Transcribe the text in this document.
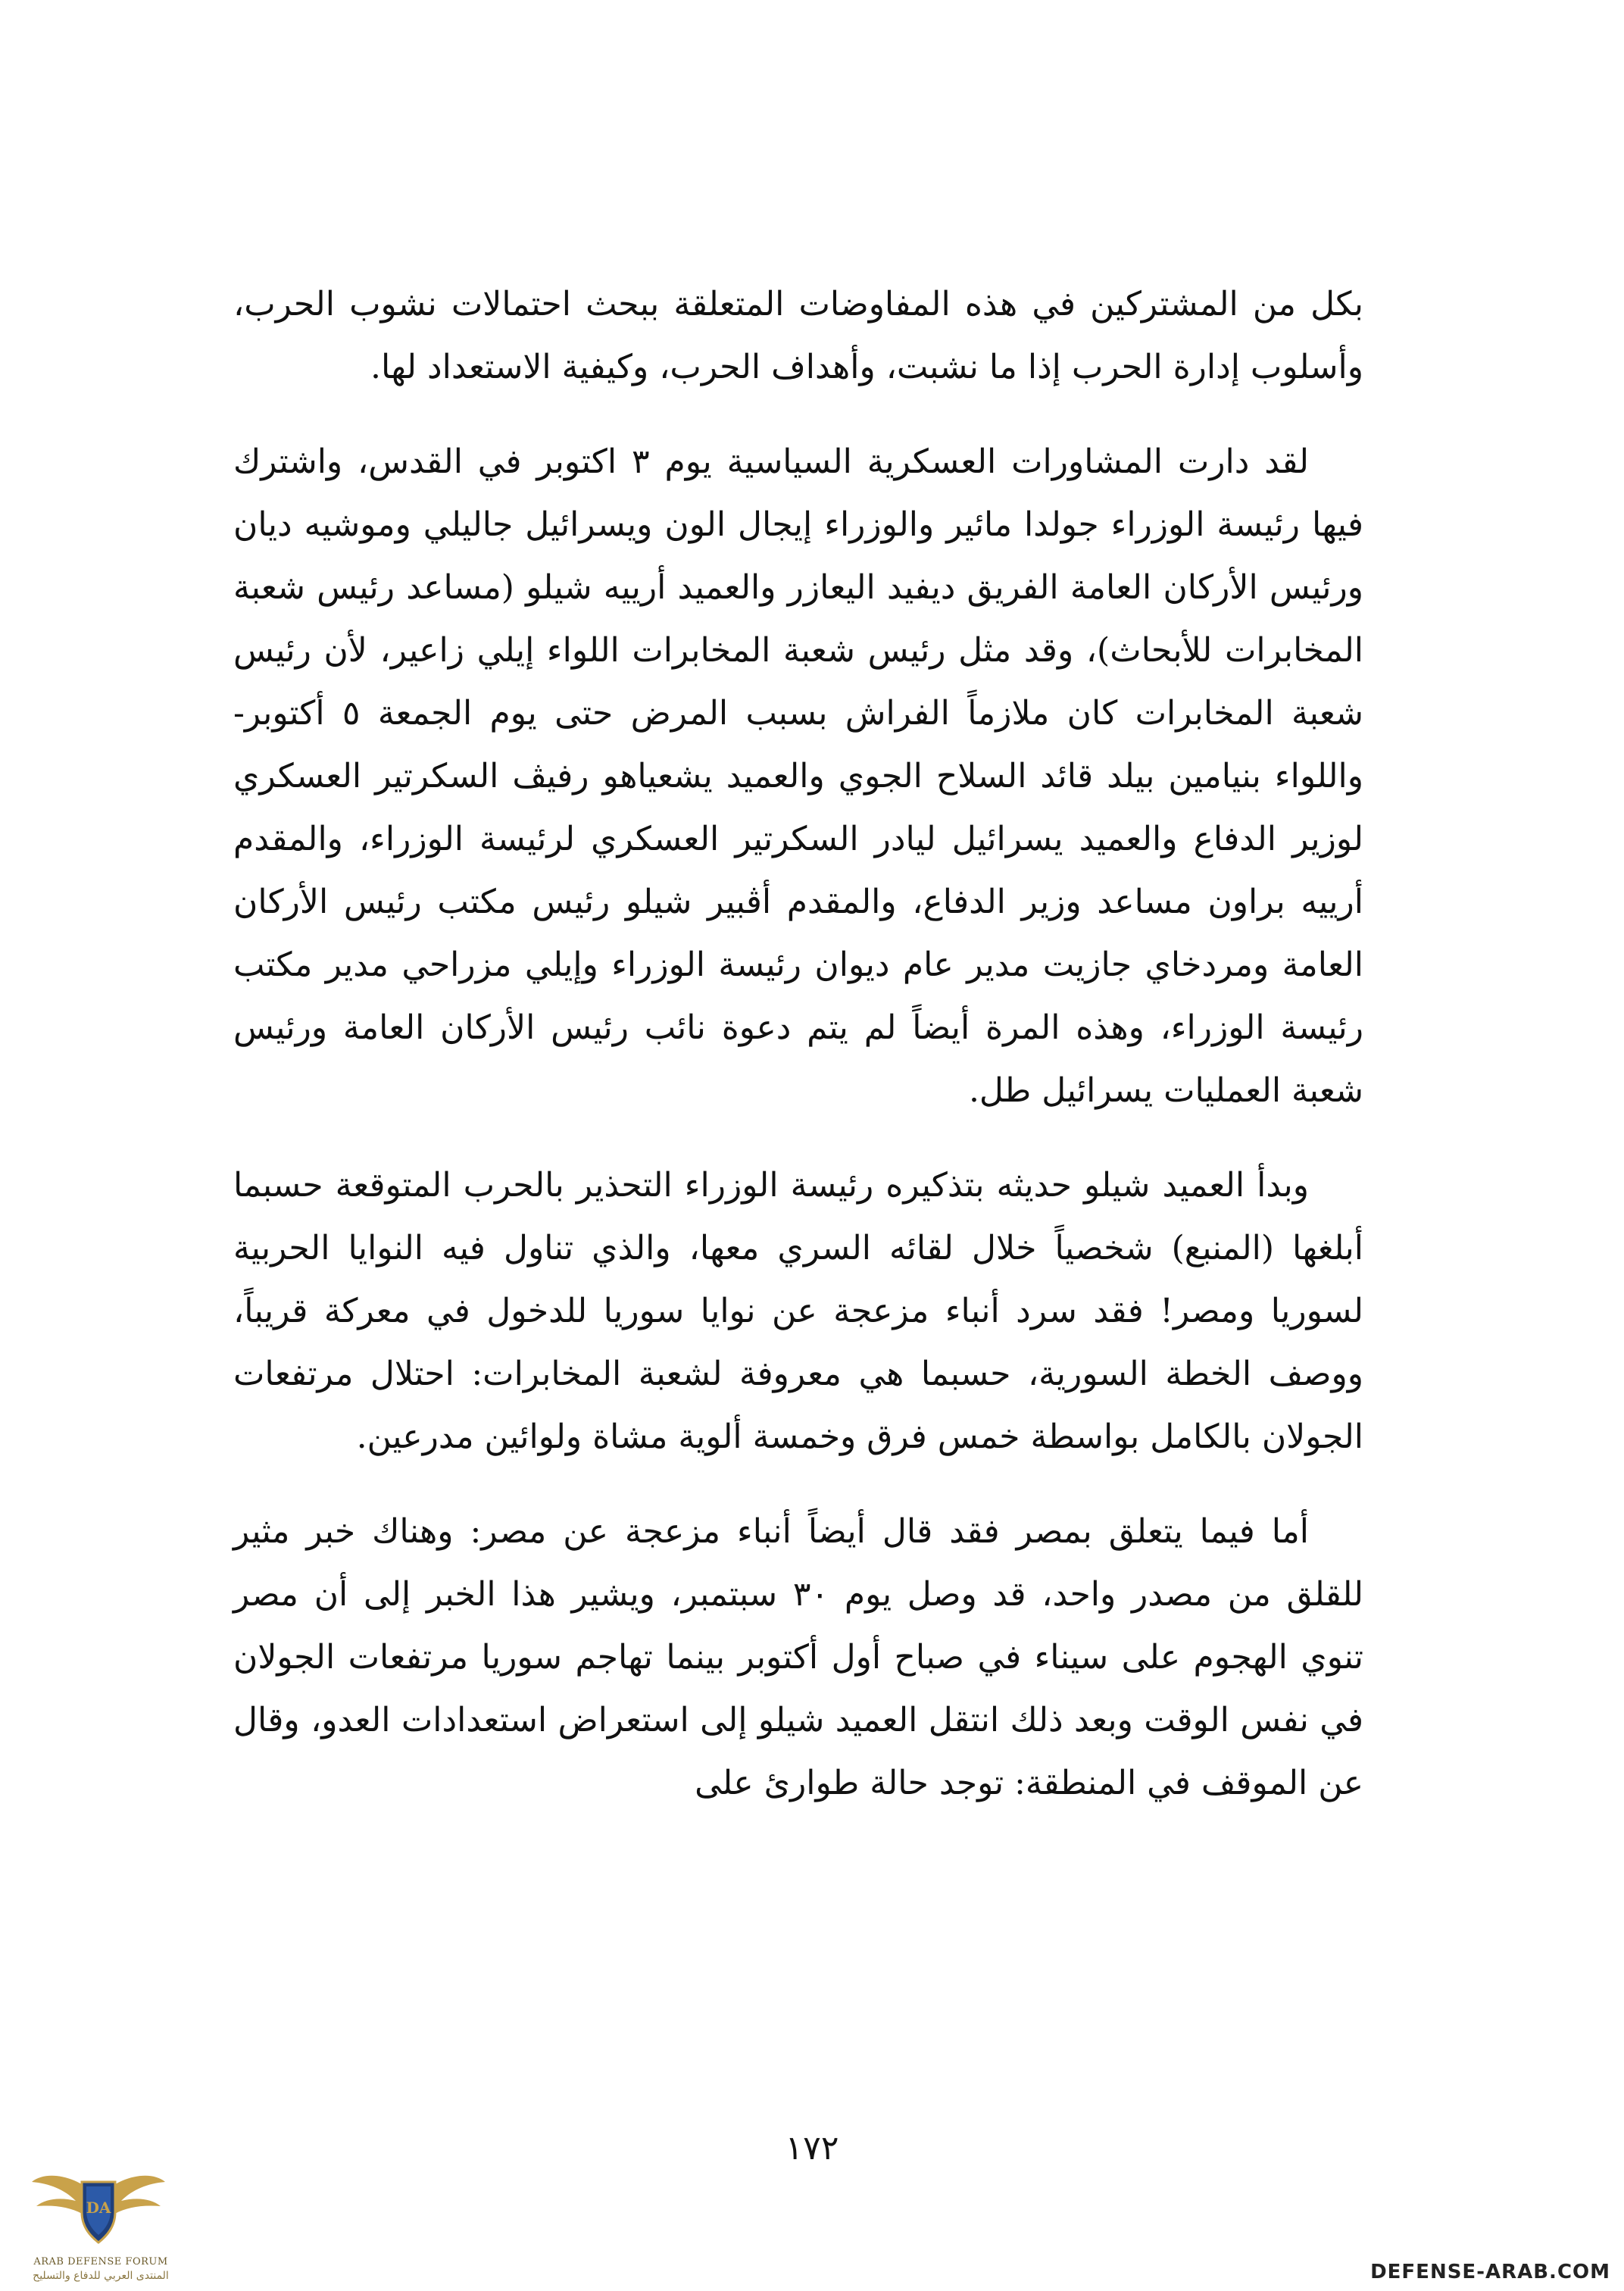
بكل من المشتركين في هذه المفاوضات المتعلقة ببحث احتمالات نشوب الحرب، وأسلوب إدارة الحرب إذا ما نشبت، وأهداف الحرب، وكيفية الاستعداد لها.

لقد دارت المشاورات العسكرية السياسية يوم ٣ اكتوبر في القدس، واشترك فيها رئيسة الوزراء جولدا مائير والوزراء إيجال الون ويسرائيل جاليلي وموشيه ديان ورئيس الأركان العامة الفريق ديفيد اليعازر والعميد أرييه شيلو (مساعد رئيس شعبة المخابرات للأبحاث)، وقد مثل رئيس شعبة المخابرات اللواء إيلي زاعير، لأن رئيس شعبة المخابرات كان ملازماً الفراش بسبب المرض حتى يوم الجمعة ٥ أكتوبر- واللواء بنيامين بيلد قائد السلاح الجوي والعميد يشعياهو رفيڤ السكرتير العسكري لوزير الدفاع والعميد يسرائيل ليادر السكرتير العسكري لرئيسة الوزراء، والمقدم أرييه براون مساعد وزير الدفاع، والمقدم أڤبير شيلو رئيس مكتب رئيس الأركان العامة ومردخاي جازيت مدير عام ديوان رئيسة الوزراء وإيلي مزراحي مدير مكتب رئيسة الوزراء، وهذه المرة أيضاً لم يتم دعوة نائب رئيس الأركان العامة ورئيس شعبة العمليات يسرائيل طل.

وبدأ العميد شيلو حديثه بتذكيره رئيسة الوزراء التحذير بالحرب المتوقعة حسبما أبلغها (المنبع) شخصياً خلال لقائه السري معها، والذي تناول فيه النوايا الحربية لسوريا ومصر! فقد سرد أنباء مزعجة عن نوايا سوريا للدخول في معركة قريباً، ووصف الخطة السورية، حسبما هي معروفة لشعبة المخابرات: احتلال مرتفعات الجولان بالكامل بواسطة خمس فرق وخمسة ألوية مشاة ولوائين مدرعين.

أما فيما يتعلق بمصر فقد قال أيضاً أنباء مزعجة عن مصر: وهناك خبر مثير للقلق من مصدر واحد، قد وصل يوم ٣٠ سبتمبر، ويشير هذا الخبر إلى أن مصر تنوي الهجوم على سيناء في صباح أول أكتوبر بينما تهاجم سوريا مرتفعات الجولان في نفس الوقت وبعد ذلك انتقل العميد شيلو إلى استعراض استعدادات العدو، وقال عن الموقف في المنطقة: توجد حالة طوارئ على

١٧٢
DA
ARAB DEFENSE FORUM
المنتدى العربي للدفاع والتسليح	DEFENSE-ARAB.COM
